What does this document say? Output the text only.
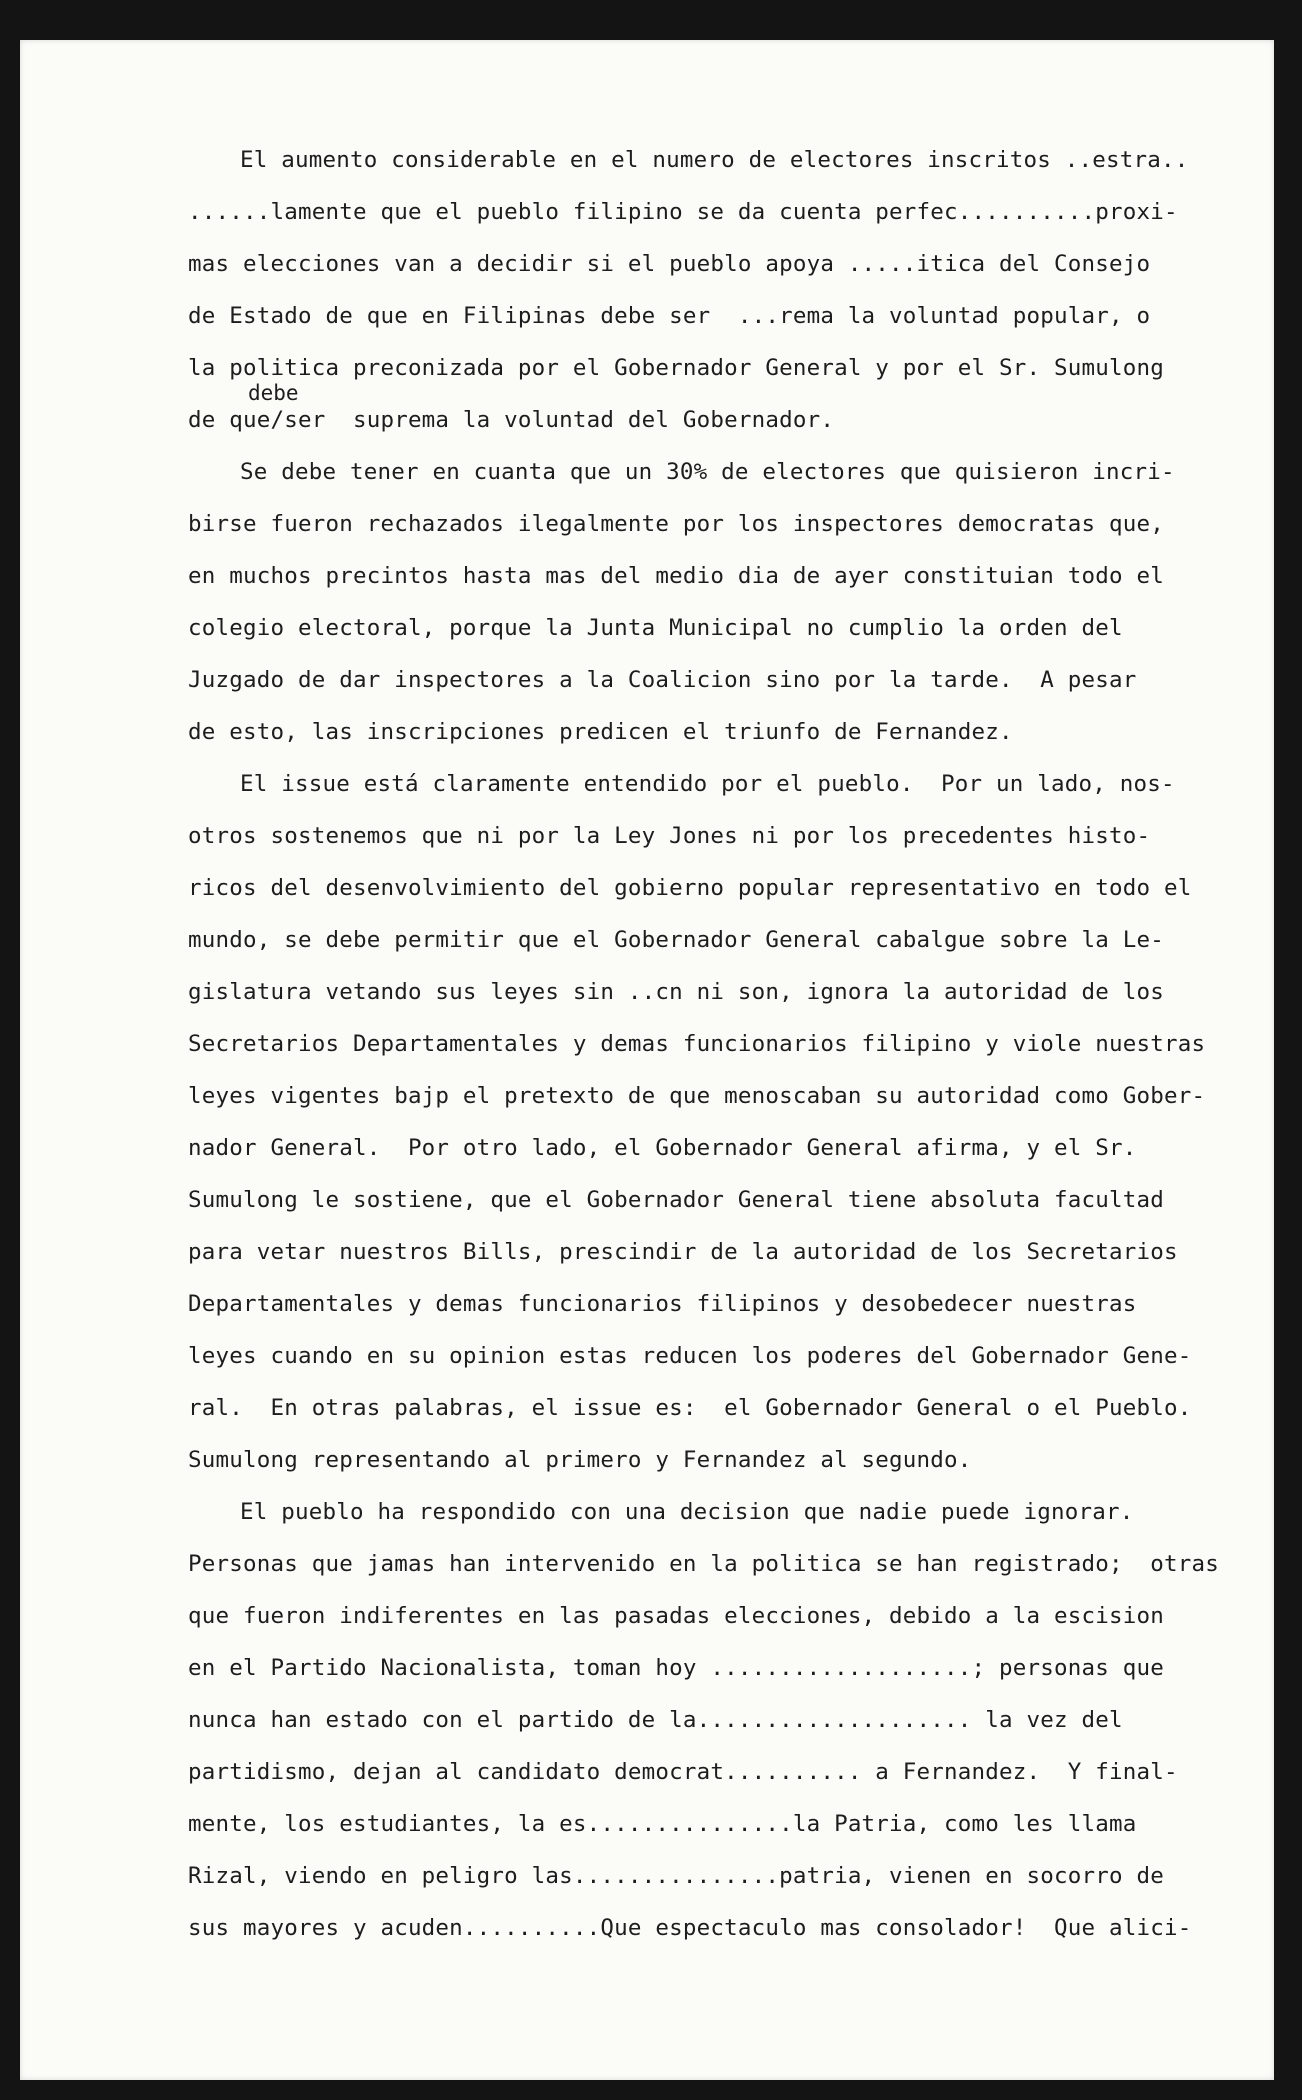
debe
El aumento considerable en el numero de electores inscritos ..estra..
......lamente que el pueblo filipino se da cuenta perfec..........proxi-
mas elecciones van a decidir si el pueblo apoya .....itica del Consejo
de Estado de que en Filipinas debe ser  ...rema la voluntad popular, o
la politica preconizada por el Gobernador General y por el Sr. Sumulong
de que/ser  suprema la voluntad del Gobernador.
Se debe tener en cuanta que un 30% de electores que quisieron incri-
birse fueron rechazados ilegalmente por los inspectores democratas que,
en muchos precintos hasta mas del medio dia de ayer constituian todo el
colegio electoral, porque la Junta Municipal no cumplio la orden del
Juzgado de dar inspectores a la Coalicion sino por la tarde.  A pesar
de esto, las inscripciones predicen el triunfo de Fernandez.
El issue está claramente entendido por el pueblo.  Por un lado, nos-
otros sostenemos que ni por la Ley Jones ni por los precedentes histo-
ricos del desenvolvimiento del gobierno popular representativo en todo el
mundo, se debe permitir que el Gobernador General cabalgue sobre la Le-
gislatura vetando sus leyes sin ..cn ni son, ignora la autoridad de los
Secretarios Departamentales y demas funcionarios filipino y viole nuestras
leyes vigentes bajp el pretexto de que menoscaban su autoridad como Gober-
nador General.  Por otro lado, el Gobernador General afirma, y el Sr.
Sumulong le sostiene, que el Gobernador General tiene absoluta facultad
para vetar nuestros Bills, prescindir de la autoridad de los Secretarios
Departamentales y demas funcionarios filipinos y desobedecer nuestras
leyes cuando en su opinion estas reducen los poderes del Gobernador Gene-
ral.  En otras palabras, el issue es:  el Gobernador General o el Pueblo.
Sumulong representando al primero y Fernandez al segundo.
El pueblo ha respondido con una decision que nadie puede ignorar.
Personas que jamas han intervenido en la politica se han registrado;  otras
que fueron indiferentes en las pasadas elecciones, debido a la escision
en el Partido Nacionalista, toman hoy ...................; personas que
nunca han estado con el partido de la.................... la vez del
partidismo, dejan al candidato democrat.......... a Fernandez.  Y final-
mente, los estudiantes, la es...............la Patria, como les llama
Rizal, viendo en peligro las...............patria, vienen en socorro de
sus mayores y acuden..........Que espectaculo mas consolador!  Que alici-
